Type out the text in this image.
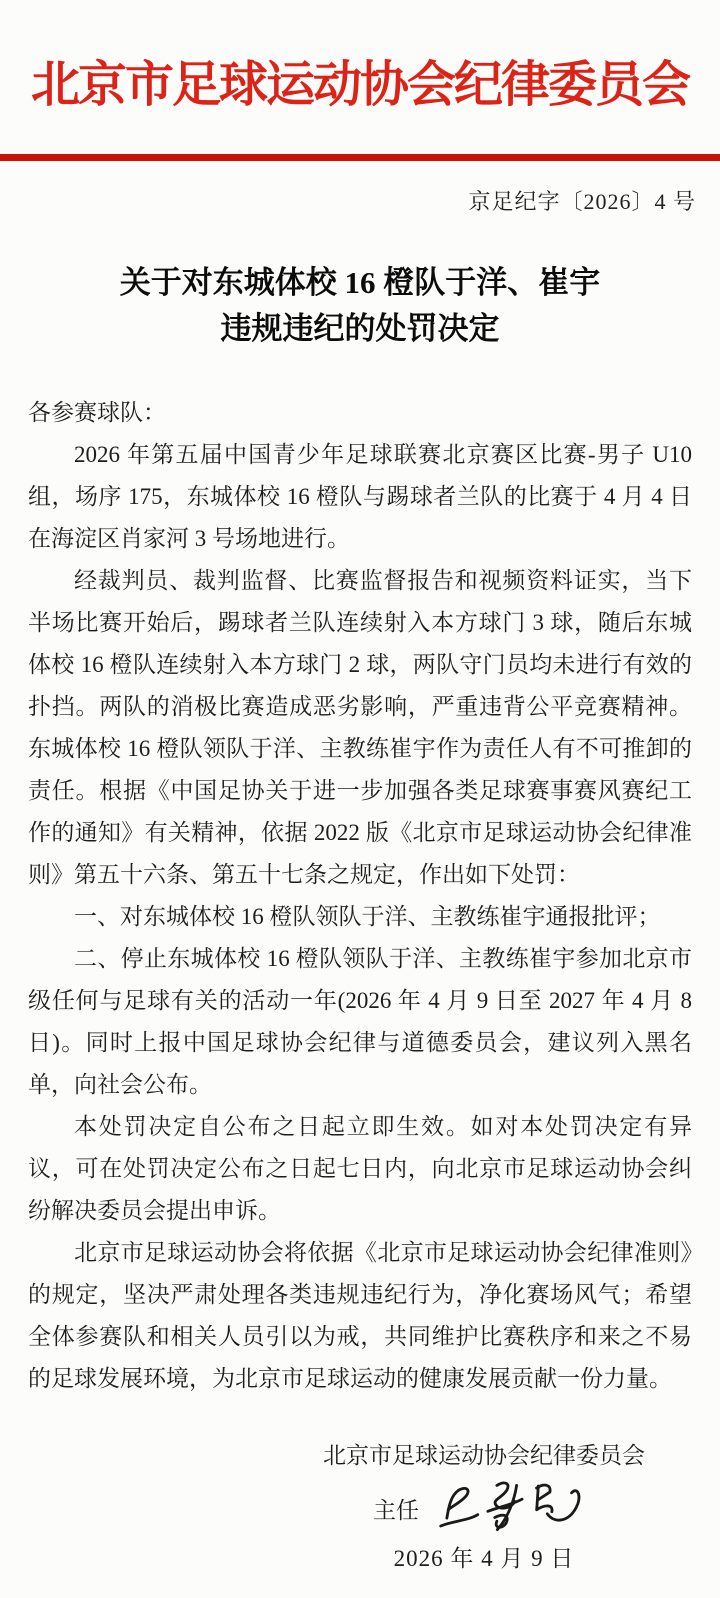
北京市足球运动协会纪律委员会
京足纪字〔2026〕4 号
关于对东城体校 16 橙队于洋、崔宇
违规违纪的处罚决定

各参赛球队：

2026 年第五届中国青少年足球联赛北京赛区比赛-男子 U10 组，场序 175，东城体校 16 橙队与踢球者兰队的比赛于 4 月 4 日在海淀区肖家河 3 号场地进行。

经裁判员、裁判监督、比赛监督报告和视频资料证实，当下半场比赛开始后，踢球者兰队连续射入本方球门 3 球，随后东城体校 16 橙队连续射入本方球门 2 球，两队守门员均未进行有效的扑挡。两队的消极比赛造成恶劣影响，严重违背公平竞赛精神。东城体校 16 橙队领队于洋、主教练崔宇作为责任人有不可推卸的责任。根据《中国足协关于进一步加强各类足球赛事赛风赛纪工作的通知》有关精神，依据 2022 版《北京市足球运动协会纪律准则》第五十六条、第五十七条之规定，作出如下处罚：

一、对东城体校 16 橙队领队于洋、主教练崔宇通报批评；

二、停止东城体校 16 橙队领队于洋、主教练崔宇参加北京市级任何与足球有关的活动一年(2026 年 4 月 9 日至 2027 年 4 月 8 日)。同时上报中国足球协会纪律与道德委员会，建议列入黑名单，向社会公布。

本处罚决定自公布之日起立即生效。如对本处罚决定有异议，可在处罚决定公布之日起七日内，向北京市足球运动协会纠纷解决委员会提出申诉。

北京市足球运动协会将依据《北京市足球运动协会纪律准则》的规定，坚决严肃处理各类违规违纪行为，净化赛场风气；希望全体参赛队和相关人员引以为戒，共同维护比赛秩序和来之不易的足球发展环境，为北京市足球运动的健康发展贡献一份力量。

北京市足球运动协会纪律委员会
主任
2026 年 4 月 9 日
